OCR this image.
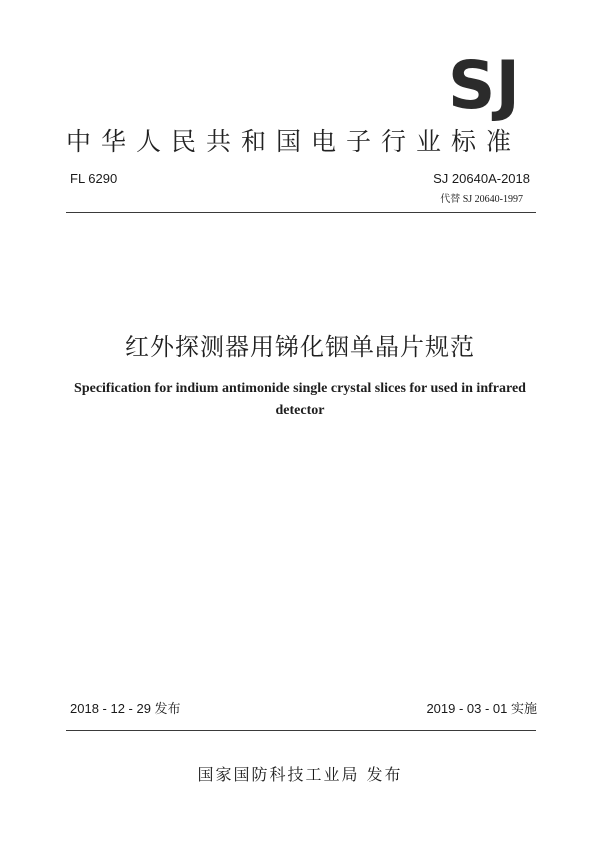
SJ
中华人民共和国电子行业标准
FL 6290	SJ 20640A-2018
代替 SJ 20640-1997
红外探测器用锑化铟单晶片规范
Specification for indium antimonide single crystal slices for used in infrared detector
2018 - 12 - 29 发布	2019 - 03 - 01 实施
国家国防科技工业局 发布
